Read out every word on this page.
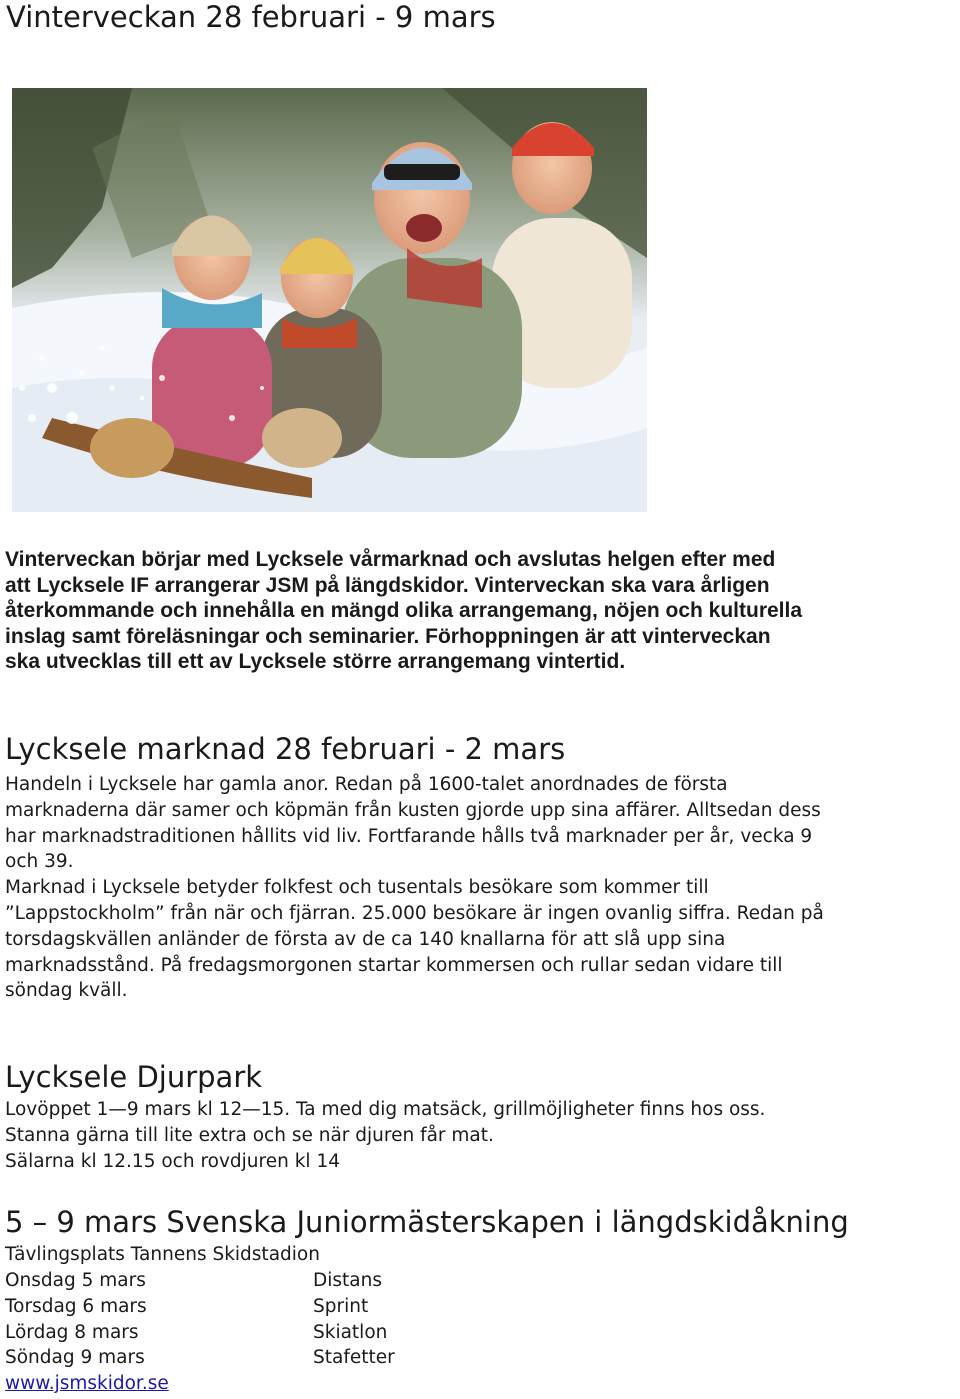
Vinterveckan 28 februari - 9 mars

Vinterveckan börjar med Lycksele vårmarknad och avslutas helgen efter med
att Lycksele IF arrangerar JSM på längdskidor. Vinterveckan ska vara årligen
återkommande och innehålla en mängd olika arrangemang, nöjen och kulturella
inslag samt föreläsningar och seminarier. Förhoppningen är att vinterveckan
ska utvecklas till ett av Lycksele större arrangemang vintertid.

Lycksele marknad 28 februari - 2 mars

Handeln i Lycksele har gamla anor. Redan på 1600-talet anordnades de första
marknaderna där samer och köpmän från kusten gjorde upp sina affärer. Alltsedan dess
har marknadstraditionen hållits vid liv. Fortfarande hålls två marknader per år, vecka 9
och 39.
Marknad i Lycksele betyder folkfest och tusentals besökare som kommer till
”Lappstockholm” från när och fjärran. 25.000 besökare är ingen ovanlig siffra. Redan på
torsdagskvällen anländer de första av de ca 140 knallarna för att slå upp sina
marknadsstånd. På fredagsmorgonen startar kommersen och rullar sedan vidare till
söndag kväll.

Lycksele Djurpark

Lovöppet 1—9 mars kl 12—15. Ta med dig matsäck, grillmöjligheter finns hos oss.
Stanna gärna till lite extra och se när djuren får mat.
Sälarna kl 12.15 och rovdjuren kl 14

5 – 9 mars Svenska Juniormästerskapen i längdskidåkning

Tävlingsplats Tannens Skidstadion

Onsdag 5 mars	Distans
Torsdag 6 mars	Sprint
Lördag 8 mars	Skiatlon
Söndag 9 mars	Stafetter
www.jsmskidor.se
